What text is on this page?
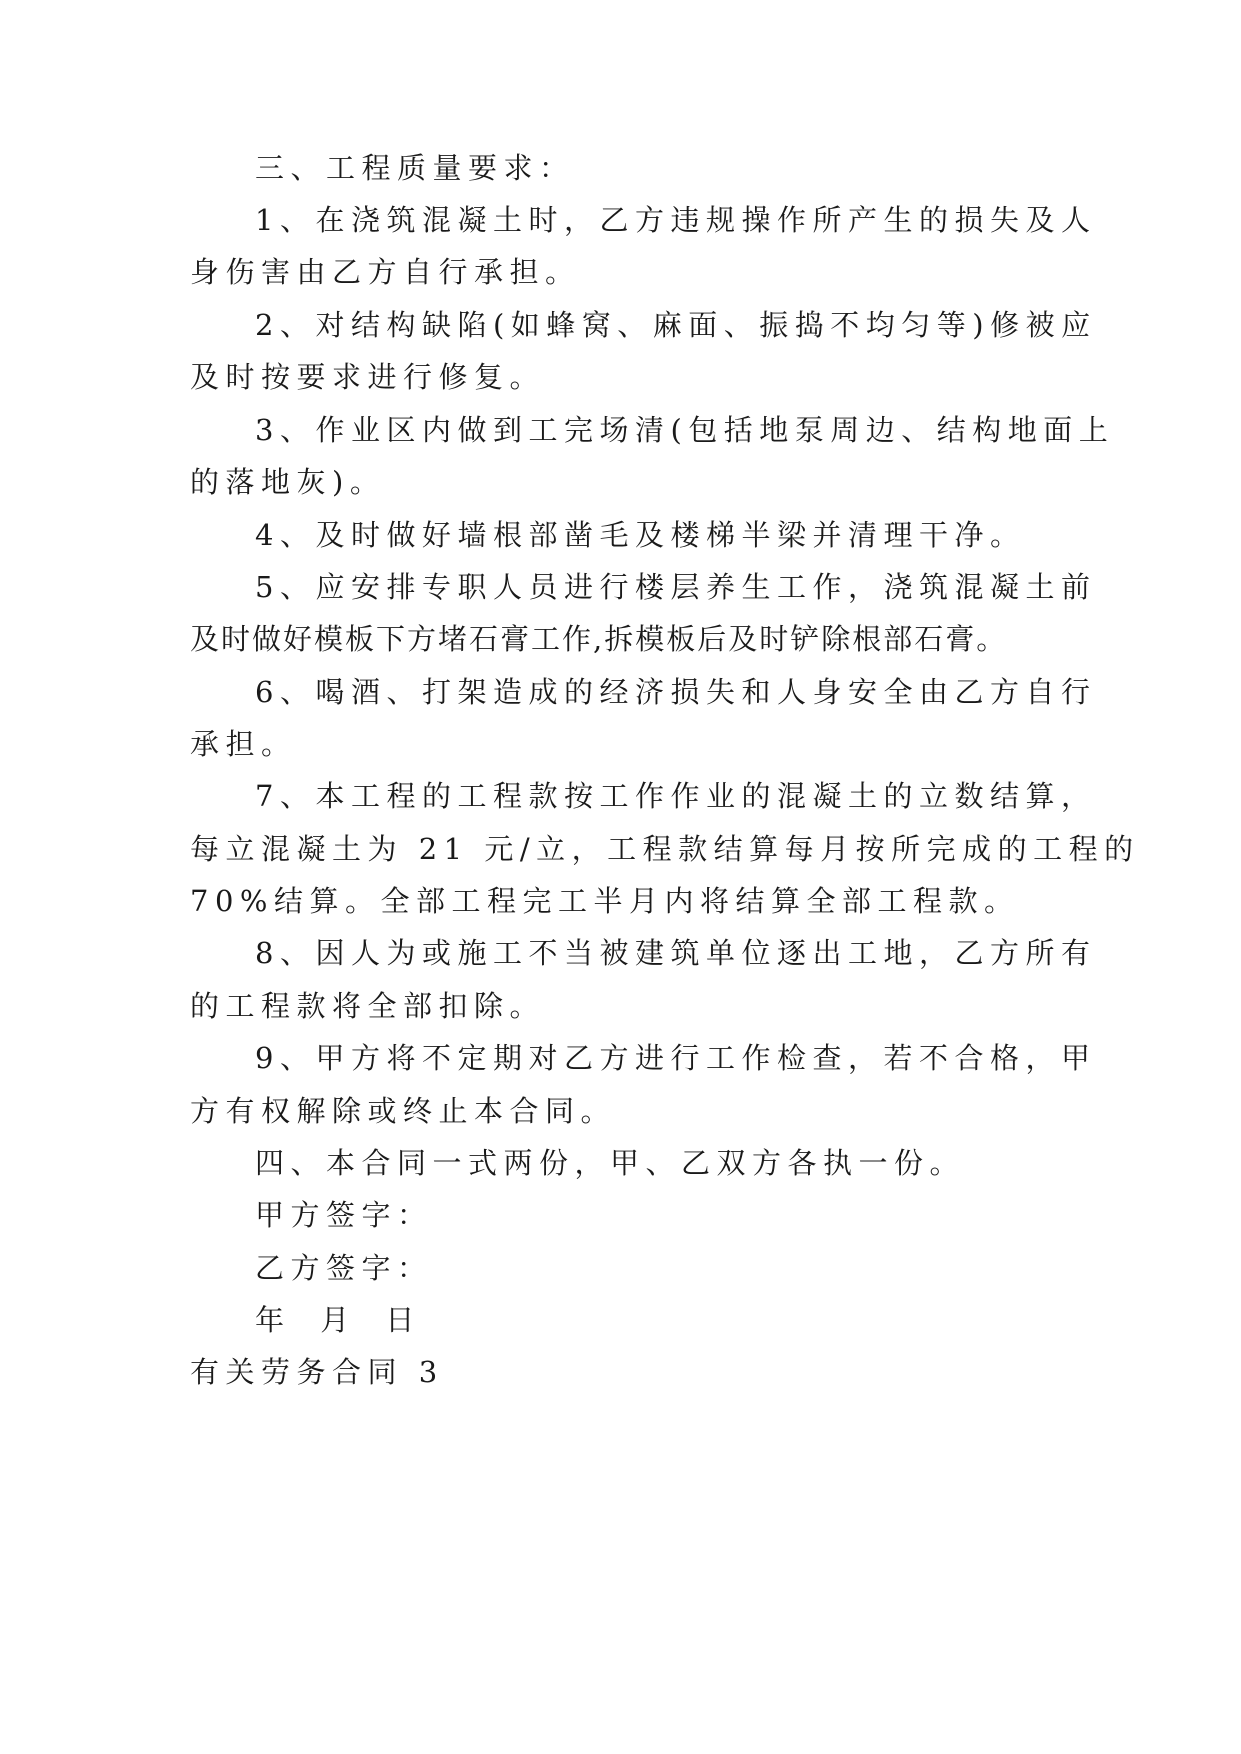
三、工程质量要求：
1、在浇筑混凝土时，乙方违规操作所产生的损失及人
身伤害由乙方自行承担。
2、对结构缺陷(如蜂窝、麻面、振捣不均匀等)修被应
及时按要求进行修复。
3、作业区内做到工完场清(包括地泵周边、结构地面上
的落地灰)。
4、及时做好墙根部凿毛及楼梯半梁并清理干净。
5、应安排专职人员进行楼层养生工作，浇筑混凝土前
及时做好模板下方堵石膏工作,拆模板后及时铲除根部石膏。
6、喝酒、打架造成的经济损失和人身安全由乙方自行
承担。
7、本工程的工程款按工作作业的混凝土的立数结算，
每立混凝土为 21 元/立，工程款结算每月按所完成的工程的
70%结算。全部工程完工半月内将结算全部工程款。
8、因人为或施工不当被建筑单位逐出工地，乙方所有
的工程款将全部扣除。
9、甲方将不定期对乙方进行工作检查，若不合格，甲
方有权解除或终止本合同。
四、本合同一式两份，甲、乙双方各执一份。
甲方签字：
乙方签字：
年 月 日
有关劳务合同 3
